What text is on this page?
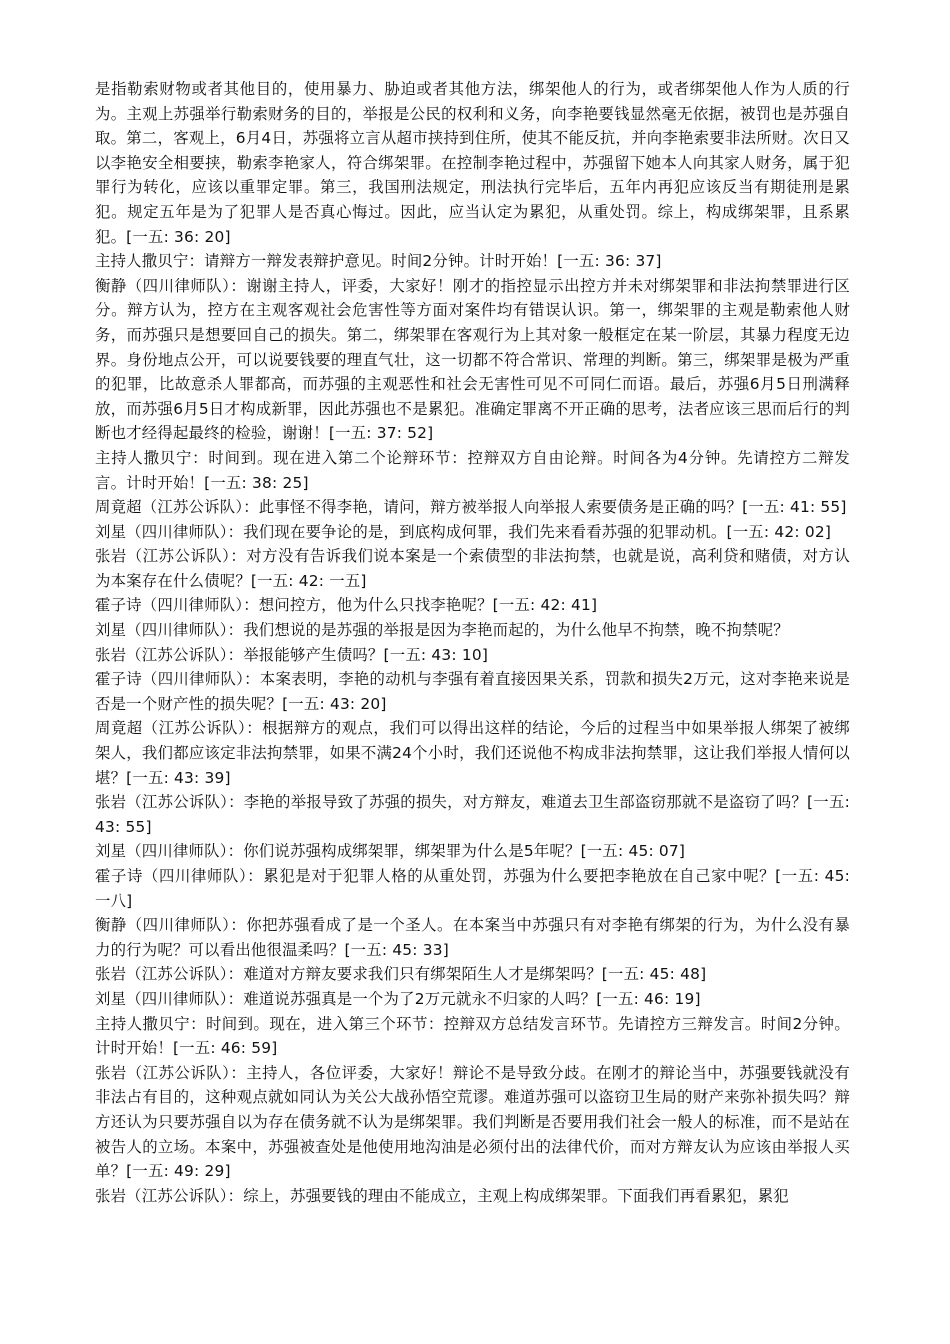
是指勒索财物或者其他目的，使用暴力、胁迫或者其他方法，绑架他人的行为，或者绑架他人作为人质的行为。主观上苏强举行勒索财务的目的，举报是公民的权利和义务，向李艳要钱显然毫无依据，被罚也是苏强自取。第二，客观上，6月4日，苏强将立言从超市挟持到住所，使其不能反抗，并向李艳索要非法所财。次日又以李艳安全相要挟，勒索李艳家人，符合绑架罪。在控制李艳过程中，苏强留下她本人向其家人财务，属于犯罪行为转化，应该以重罪定罪。第三，我国刑法规定，刑法执行完毕后，五年内再犯应该反当有期徒刑是累犯。规定五年是为了犯罪人是否真心悔过。因此，应当认定为累犯，从重处罚。综上，构成绑架罪，且系累犯。[一五: 36: 20]

主持人撒贝宁：请辩方一辩发表辩护意见。时间2分钟。计时开始！[一五: 36: 37]

衡静（四川律师队）：谢谢主持人，评委，大家好！刚才的指控显示出控方并未对绑架罪和非法拘禁罪进行区分。辩方认为，控方在主观客观社会危害性等方面对案件均有错误认识。第一，绑架罪的主观是勒索他人财务，而苏强只是想要回自己的损失。第二，绑架罪在客观行为上其对象一般框定在某一阶层，其暴力程度无边界。身份地点公开，可以说要钱要的理直气壮，这一切都不符合常识、常理的判断。第三，绑架罪是极为严重的犯罪，比故意杀人罪都高，而苏强的主观恶性和社会无害性可见不可同仁而语。最后，苏强6月5日刑满释放，而苏强6月5日才构成新罪，因此苏强也不是累犯。准确定罪离不开正确的思考，法者应该三思而后行的判断也才经得起最终的检验，谢谢！[一五: 37: 52]

主持人撒贝宁：时间到。现在进入第二个论辩环节：控辩双方自由论辩。时间各为4分钟。先请控方二辩发言。计时开始！[一五: 38: 25]

周竟超（江苏公诉队）：此事怪不得李艳，请问，辩方被举报人向举报人索要债务是正确的吗？[一五: 41: 55]

刘星（四川律师队）：我们现在要争论的是，到底构成何罪，我们先来看看苏强的犯罪动机。[一五: 42: 02]

张岩（江苏公诉队）：对方没有告诉我们说本案是一个索债型的非法拘禁，也就是说，高利贷和赌债，对方认为本案存在什么债呢？[一五: 42: 一五]

霍子诗（四川律师队）：想问控方，他为什么只找李艳呢？[一五: 42: 41]

刘星（四川律师队）：我们想说的是苏强的举报是因为李艳而起的，为什么他早不拘禁，晚不拘禁呢？

张岩（江苏公诉队）：举报能够产生债吗？[一五: 43: 10]

霍子诗（四川律师队）：本案表明，李艳的动机与李强有着直接因果关系，罚款和损失2万元，这对李艳来说是否是一个财产性的损失呢？[一五: 43: 20]

周竟超（江苏公诉队）：根据辩方的观点，我们可以得出这样的结论，今后的过程当中如果举报人绑架了被绑架人，我们都应该定非法拘禁罪，如果不满24个小时，我们还说他不构成非法拘禁罪，这让我们举报人情何以堪？[一五: 43: 39]

张岩（江苏公诉队）：李艳的举报导致了苏强的损失，对方辩友，难道去卫生部盗窃那就不是盗窃了吗？[一五: 43: 55]

刘星（四川律师队）：你们说苏强构成绑架罪，绑架罪为什么是5年呢？[一五: 45: 07]

霍子诗（四川律师队）：累犯是对于犯罪人格的从重处罚，苏强为什么要把李艳放在自己家中呢？[一五: 45: 一八]

衡静（四川律师队）：你把苏强看成了是一个圣人。在本案当中苏强只有对李艳有绑架的行为，为什么没有暴力的行为呢？可以看出他很温柔吗？[一五: 45: 33]

张岩（江苏公诉队）：难道对方辩友要求我们只有绑架陌生人才是绑架吗？[一五: 45: 48]

刘星（四川律师队）：难道说苏强真是一个为了2万元就永不归家的人吗？[一五: 46: 19]

主持人撒贝宁：时间到。现在，进入第三个环节：控辩双方总结发言环节。先请控方三辩发言。时间2分钟。计时开始！[一五: 46: 59]

张岩（江苏公诉队）：主持人，各位评委，大家好！辩论不是导致分歧。在刚才的辩论当中，苏强要钱就没有非法占有目的，这种观点就如同认为关公大战孙悟空荒谬。难道苏强可以盗窃卫生局的财产来弥补损失吗？辩方还认为只要苏强自以为存在债务就不认为是绑架罪。我们判断是否要用我们社会一般人的标准，而不是站在被告人的立场。本案中，苏强被查处是他使用地沟油是必须付出的法律代价，而对方辩友认为应该由举报人买单？[一五: 49: 29]

张岩（江苏公诉队）：综上，苏强要钱的理由不能成立，主观上构成绑架罪。下面我们再看累犯，累犯
